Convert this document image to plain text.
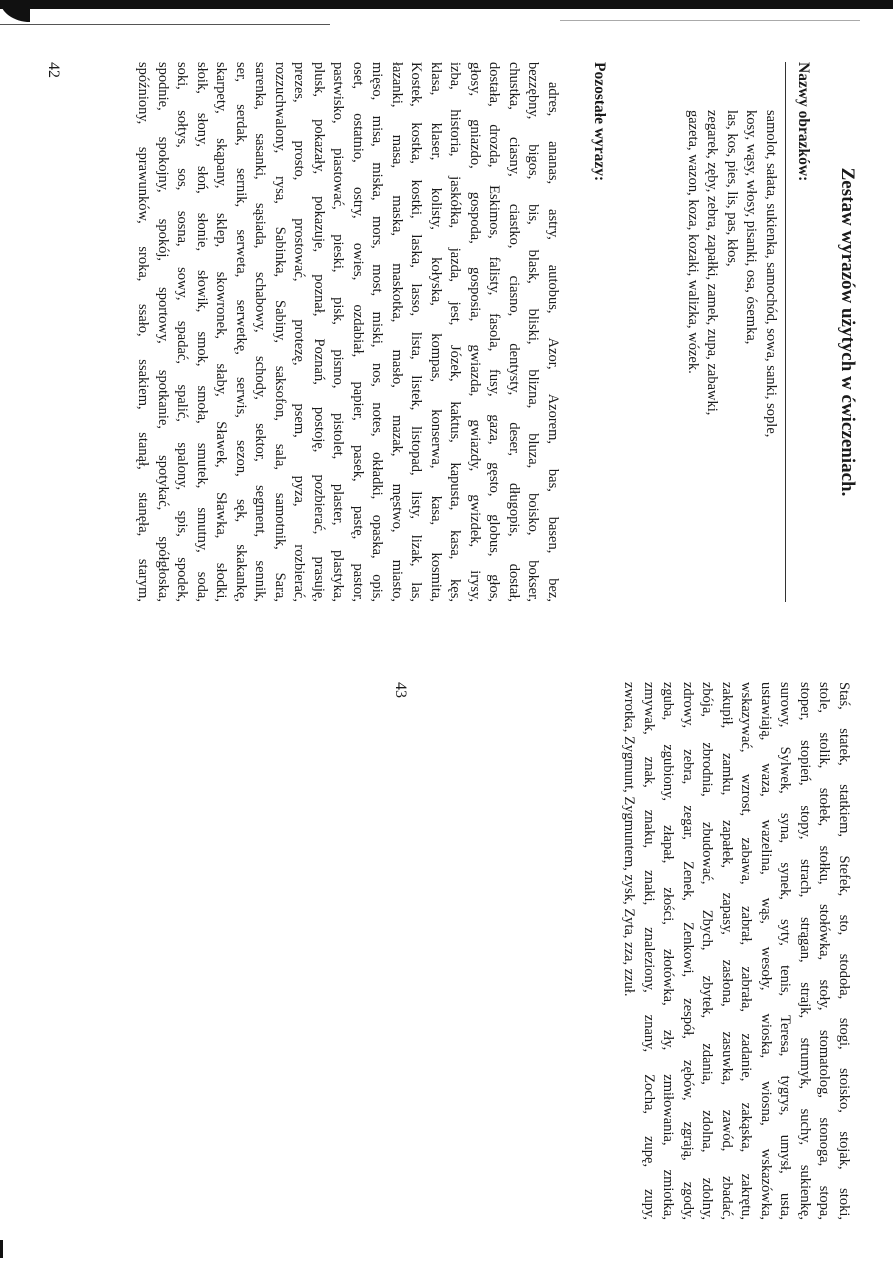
Zestaw wyrazów użytych w ćwiczeniach.
Nazwy obrazków:

samolot, sałata, sukienka, samochód, sowa, sanki, sople,

kosy, wąsy, włosy, pisanki, osa, ósemka,

las, kos, pies, lis, pas, kłos,

zegarek, zęby, zebra, zapałki, zamek, zupa, zabawki,

gazeta, wazon, koza, kozaki, walizka, wózek.

Pozostałe wyrazy:

adres, ananas, astry, autobus, Azor, Azorem, bas, basen, bez,

bezzębny, bigos, bis, blask, bliski, blizna, bluza, boisko, bokser,

chustka, ciasny, ciastko, ciasno, dentysty, deser, długopis, dostał,

dostała, drozda, Eskimos, falisty, fasola, fusy, gaza, gęsto, globus, głos,

głosy, gniazdo, gospoda, gosposia, gwiazda, gwiazdy, gwizdek, irysy,

izba, historia, jaskółka, jazda, jest, Józek, kaktus, kapusta, kasa, kęs,

klasa, klaser, kolisty, kołyska, kompas, konserwa, kasa, kosmita,

Kostek, kostka, kostki, laska, lasso, lista, listek, listopad, listy, lizak, las,

łazanki, masa, maska, maskotka, masło, mazak, męstwo, miasto,

mięso, misa, miska, mors, most, miski, nos, notes, okładki, opaska, opis,

oset, ostatnio, ostry, owies, ozdabiał, papier, pasek, pastę, pastor,

pastwisko, piastować, pieski, pisk, pismo, pistolet, plaster, plastyka,

plusk, pokazały, pokazuje, poznał, Poznań, postoję, pozbierać, prasuję,

prezes, prosto, prostować, protezę, psem, pyza, rozbierać,

rozzuchwalony, rysa, Sabinka, Sabiny, saksofon, sala, samotnik, Sara,

sarenka, sasanki, sąsiada, schabowy, schody, sektor, segment, sennik,

ser, serdak, sernik, serweta, serwetkę, serwis, sezon, sęk, skakankę,

skarpety, skąpany, sklep, skowronek, słaby, Sławek, Sławka, słodki,

słoik, słony, słoń, słonie, słowik, smok, smoła, smutek, smutny, soda,

soki, sołtys, sos, sosna, sowy, spadać, spalić, spalony, spis, spodek,

spodnie, spokojny, spokój, sportowy, spotkanie, spotykać, spółgłoska,

spóźniony, sprawunków, sroka, ssało, ssakiem, stanął, stanęła, starym,

42

Staś, statek, statkiem, Stefek, sto, stodoła, stogi, stoisko, stojak, stoki,

stole, stolik, stołek, stołku, stołówka, stoły, stomatolog, stonoga, stopa,

stoper, stopień, stopy, strach, strągan, strajk, strumyk, suchy, sukienkę,

surowy, Sylwek, syna, synek, syty, tenis, Teresa, tygrys, umysł, usta,

ustawiają, waza, wazelina, wąs, wesoły, wioska, wiosna, wskazówka,

wskazywać, wzrost, zabawa, zabrał, zabrała, zadanie, zakąska, zakrętu,

zakupił, zamku, zapałek, zapasy, zasłona, zasuwka, zawód, zbadać,

zbója, zbrodnia, zbudować, Zbych, zbytek, zdania, zdolna, zdolny,

zdrowy, zebra, zegar, Zenek, Zenkowi, zespół, zębów, zgrają, zgody,

zguba, zgubiony, złapał, złości, złotówka, zły, zmiłowania, zmiotka,

zmywak, znak, znaku, znaki, znaleziony, znany, Zocha, zupę, zupy,

zwrotka, Zygmunt, Zygmuntem, zysk, Zyta, zza, zzuł.

43
